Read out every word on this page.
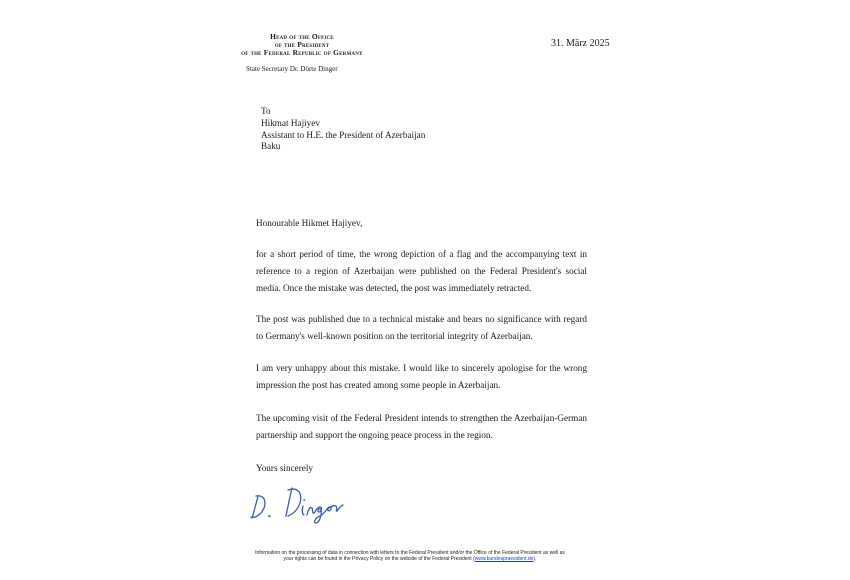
Head of the Office
of the President
of the Federal Republic of Germany
State Secretary Dr. Dörte Dinger
31. März 2025
To
Hikmat Hajiyev
Assistant to H.E. the President of Azerbaijan
Baku
Honourable Hikmet Hajiyev,

for a short period of time, the wrong depiction of a flag and the accompanying text in reference to a region of Azerbaijan were published on the Federal President's social media. Once the mistake was detected, the post was immediately retracted.

The post was published due to a technical mistake and bears no significance with regard to Germany's well-known position on the territorial integrity of Azerbaijan.

I am very unhappy about this mistake. I would like to sincerely apologise for the wrong impression the post has created among some people in Azerbaijan.

The upcoming visit of the Federal President intends to strengthen the Azerbaijan-German partnership and support the ongoing peace process in the region.

Yours sincerely
Information on the processing of data in connection with letters to the Federal President and/or the Office of the Federal President as well as
your rights can be found in the Privacy Policy on the website of the Federal President (www.bundespraesident.de).
